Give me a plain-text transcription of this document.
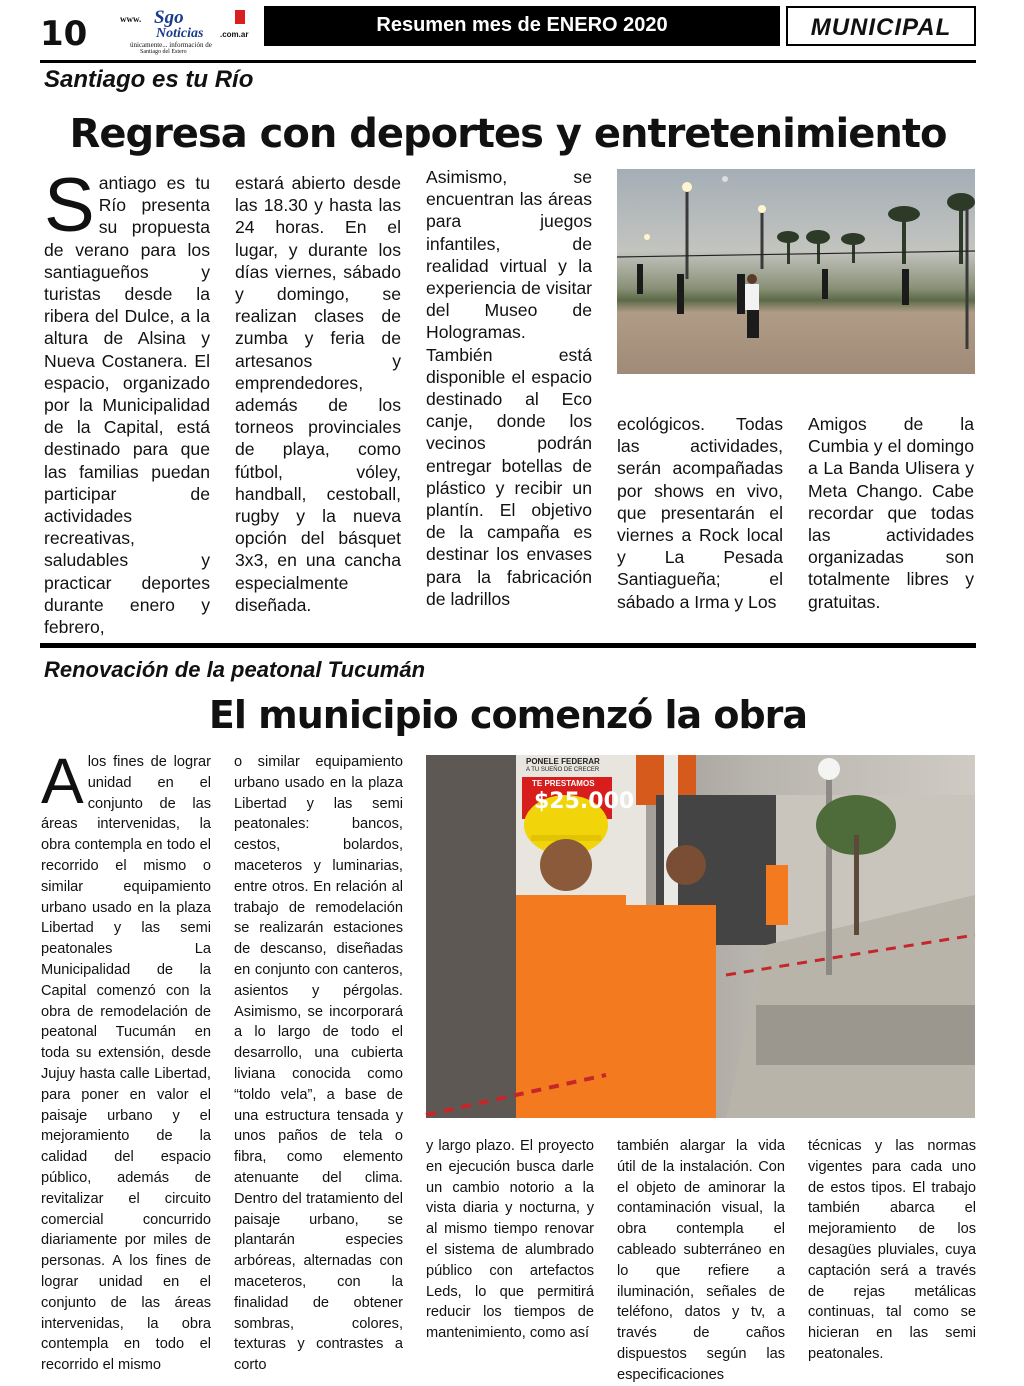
10	www. Sgo
Noticias .com.ar
únicamente... información de
Santiago del Estero
Resumen mes de ENERO 2020	MUNICIPAL
Santiago es tu Río
Regresa con deportes y entretenimiento
Santiago es tu Río presenta su propuesta de verano para los santiagueños y turistas desde la ribera del Dulce, a la altura de Alsina y Nueva Costanera. El espacio, organizado por la Municipalidad de la Capital, está destinado para que las familias puedan participar de actividades recreativas, saludables y practicar deportes durante enero y febrero,
estará abierto desde las 18.30 y hasta las 24 horas. En el lugar, y durante los días viernes, sábado y domingo, se realizan clases de zumba y feria de artesanos y emprendedores, además de los torneos provinciales de playa, como fútbol, vóley, handball, cestoball, rugby y la nueva opción del básquet 3x3, en una cancha especialmente diseñada.
Asimismo, se encuentran las áreas para juegos infantiles, de realidad virtual y la experiencia de visitar del Museo de Hologramas. También está disponible el espacio destinado al Eco canje, donde los vecinos podrán entregar botellas de plástico y recibir un plantín. El objetivo de la campaña es destinar los envases para la fabricación de ladrillos
ecológicos. Todas las actividades, serán acompañadas por shows en vivo, que presentarán el viernes a Rock local y La Pesada Santiagueña; el sábado a Irma y Los
Amigos de la Cumbia y el domingo a La Banda Ulisera y Meta Chango. Cabe recordar que todas las actividades organizadas son totalmente libres y gratuitas.
Renovación de la peatonal Tucumán
El municipio comenzó la obra
Alos fines de lograr unidad en el conjunto de las áreas intervenidas, la obra contempla en todo el recorrido el mismo o similar equipamiento urbano usado en la plaza Libertad y las semi peatonales La Municipalidad de la Capital comenzó con la obra de remodelación de peatonal Tucumán en toda su extensión, desde Jujuy hasta calle Libertad, para poner en valor el paisaje urbano y el mejoramiento de la calidad del espacio público, además de revitalizar el circuito comercial concurrido diariamente por miles de personas. A los fines de lograr unidad en el conjunto de las áreas intervenidas, la obra contempla en todo el recorrido el mismo
o similar equipamiento urbano usado en la plaza Libertad y las semi peatonales: bancos, cestos, bolardos, maceteros y luminarias, entre otros. En relación al trabajo de remodelación se realizarán estaciones de descanso, diseñadas en conjunto con canteros, asientos y pérgolas. Asimismo, se incorporará a lo largo de todo el desarrollo, una cubierta liviana conocida como “toldo vela”, a base de una estructura tensada y unos paños de tela o fibra, como elemento atenuante del clima. Dentro del tratamiento del paisaje urbano, se plantarán especies arbóreas, alternadas con maceteros, con la finalidad de obtener sombras, colores, texturas y contrastes a corto
y largo plazo. El proyecto en ejecución busca darle un cambio notorio a la vista diaria y nocturna, y al mismo tiempo renovar el sistema de alumbrado público con artefactos Leds, lo que permitirá reducir los tiempos de mantenimiento, como así
también alargar la vida útil de la instalación. Con el objeto de aminorar la contaminación visual, la obra contempla el cableado subterráneo en lo que refiere a iluminación, señales de teléfono, datos y tv, a través de caños dispuestos según las especificaciones
técnicas y las normas vigentes para cada uno de estos tipos. El trabajo también abarca el mejoramiento de los desagües pluviales, cuya captación será a través de rejas metálicas continuas, tal como se hicieran en las semi peatonales.
PONELE FEDERAR
A TU SUEÑO DE CRECER
TE PRESTAMOS
$25.000
